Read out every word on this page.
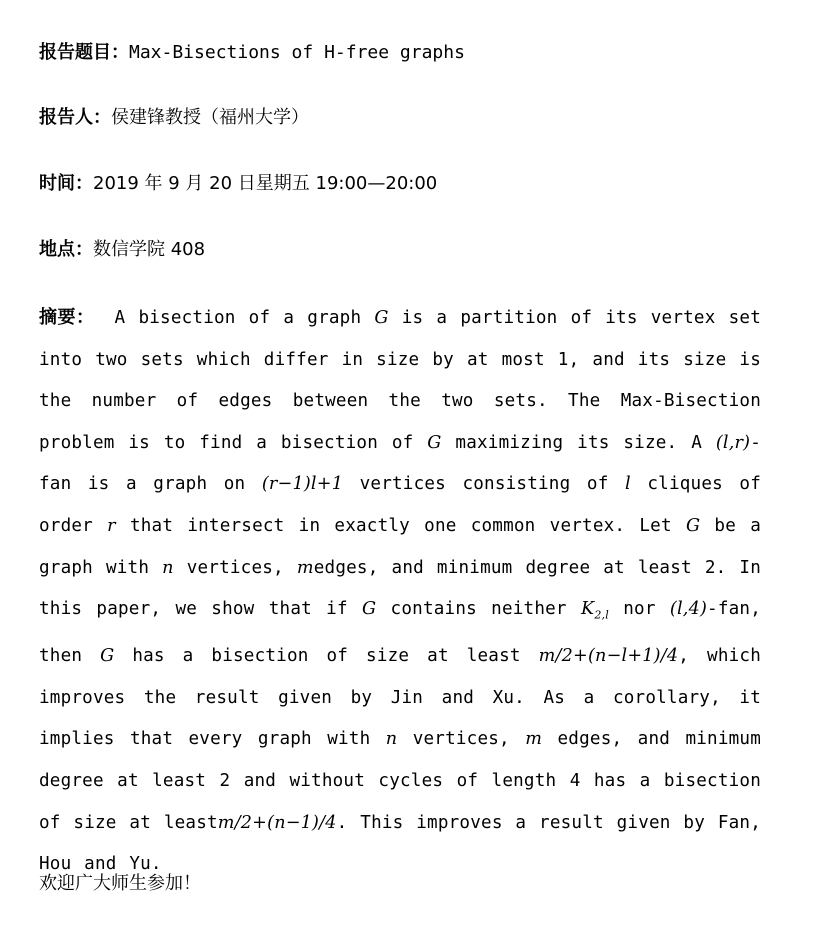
报告题目：Max-Bisections of H-free graphs
报告人：侯建锋教授（福州大学）
时间：2019 年 9 月 20 日星期五 19:00—20:00
地点：数信学院 408
摘要： A bisection of a graph G is a partition of its vertex set into two sets which differ in size by at most 1, and its size is the number of edges between the two sets. The Max-Bisection problem is to find a bisection of G maximizing its size. A (l,r)-fan is a graph on (r−1)l+1 vertices consisting of l cliques of order r that intersect in exactly one common vertex. Let G be a graph with n vertices, medges, and minimum degree at least 2. In this paper, we show that if G contains neither $K_{2,l}$ nor (l,4)-fan, then G has a bisection of size at least m/2+(n−l+1)/4, which improves the result given by Jin and Xu. As a corollary, it implies that every graph with n vertices, m edges, and minimum degree at least 2 and without cycles of length 4 has a bisection of size at leastm/2+(n−1)/4. This improves a result given by Fan, Hou and Yu.
欢迎广大师生参加！
